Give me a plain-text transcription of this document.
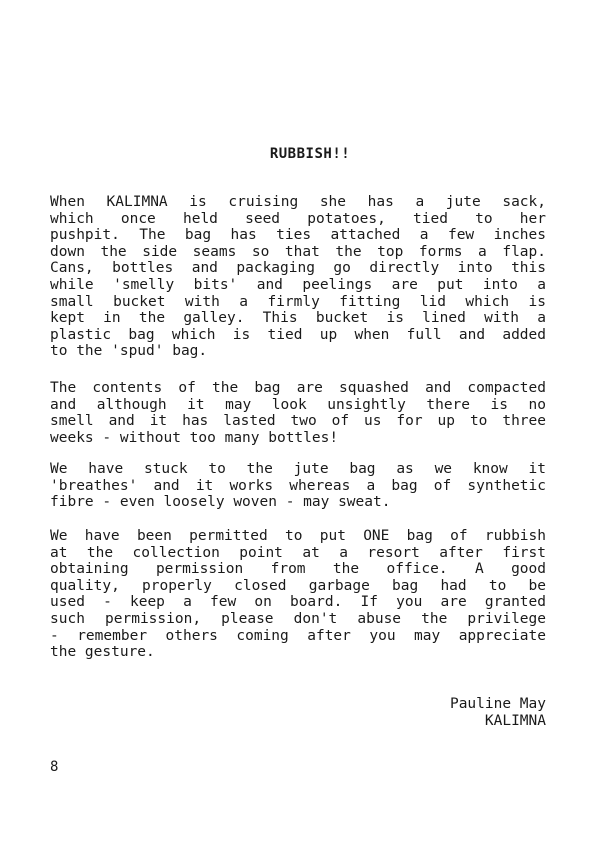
RUBBISH!!

When KALIMNA is cruising she has a jute sack,
which once held seed potatoes, tied to her
pushpit. The bag has ties attached a few inches
down the side seams so that the top forms a flap.
Cans, bottles and packaging go directly into this
while 'smelly bits' and peelings are put into a
small bucket with a firmly fitting lid which is
kept in the galley. This bucket is lined with a
plastic bag which is tied up when full and added
to the 'spud' bag.

The contents of the bag are squashed and compacted
and although it may look unsightly there is no
smell and it has lasted two of us for up to three
weeks - without too many bottles!

We have stuck to the jute bag as we know it
'breathes' and it works whereas a bag of synthetic
fibre - even loosely woven - may sweat.

We have been permitted to put ONE bag of rubbish
at the collection point at a resort after first
obtaining permission from the office. A good
quality, properly closed garbage bag had to be
used - keep a few on board. If you are granted
such permission, please don't abuse the privilege
- remember others coming after you may appreciate
the gesture.

Pauline May
KALIMNA
8
